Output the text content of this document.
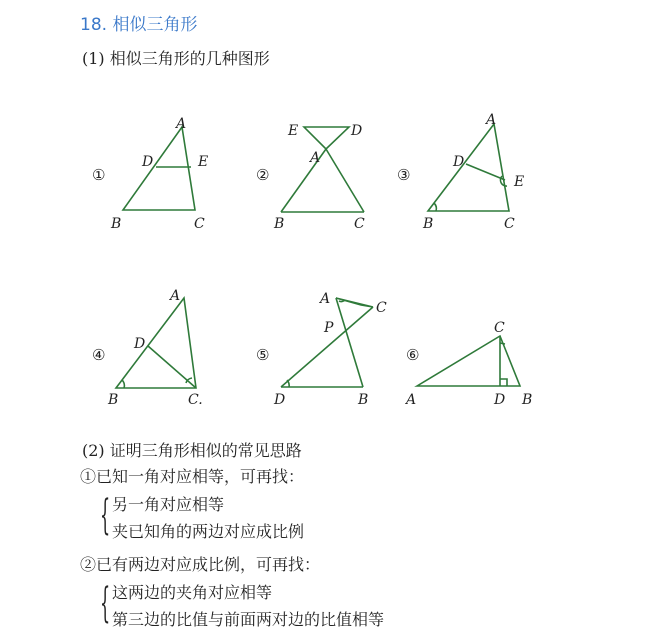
18. 相似三角形
(1) 相似三角形的几种图形
①	②	③
④	⑤	⑥
A
D	E
B	C
E	D
A
B	C
A
D
E
B	C
A
D
B	C.
A
C
P
D	B
C
A	D B
(2) 证明三角形相似的常见思路
①已知一角对应相等，可再找：
{ 另一角对应相等
夹已知角的两边对应成比例
②已有两边对应成比例，可再找：
{ 这两边的夹角对应相等
第三边的比值与前面两对边的比值相等
